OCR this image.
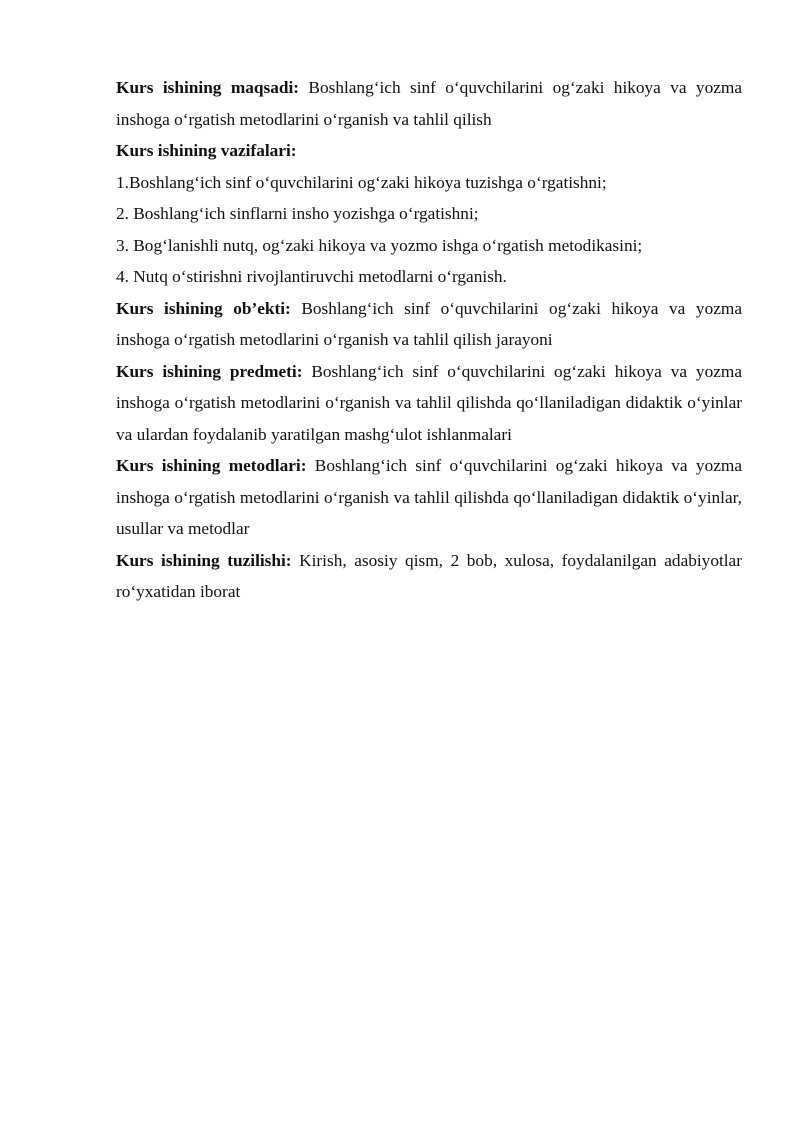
Kurs ishining maqsadi: Boshlang‘ich sinf o‘quvchilarini og‘zaki hikoya va yozma inshoga o‘rgatish metodlarini o‘rganish va tahlil qilish

Kurs ishining vazifalari:

1.Boshlang‘ich sinf o‘quvchilarini og‘zaki hikoya tuzishga o‘rgatishni;

2. Boshlang‘ich sinflarni insho yozishga o‘rgatishni;

3. Bog‘lanishli nutq, og‘zaki hikoya va yozmo ishga o‘rgatish metodikasini;

4. Nutq o‘stirishni rivojlantiruvchi metodlarni o‘rganish.

Kurs ishining ob’ekti: Boshlang‘ich sinf o‘quvchilarini og‘zaki hikoya va yozma inshoga o‘rgatish metodlarini o‘rganish va tahlil qilish jarayoni

Kurs ishining predmeti: Boshlang‘ich sinf o‘quvchilarini og‘zaki hikoya va yozma inshoga o‘rgatish metodlarini o‘rganish va tahlil qilishda qo‘llaniladigan didaktik o‘yinlar va ulardan foydalanib yaratilgan mashg‘ulot ishlanmalari

Kurs ishining metodlari: Boshlang‘ich sinf o‘quvchilarini og‘zaki hikoya va yozma inshoga o‘rgatish metodlarini o‘rganish va tahlil qilishda qo‘llaniladigan didaktik o‘yinlar, usullar va metodlar

Kurs ishining tuzilishi: Kirish, asosiy qism, 2 bob, xulosa, foydalanilgan adabiyotlar ro‘yxatidan iborat
